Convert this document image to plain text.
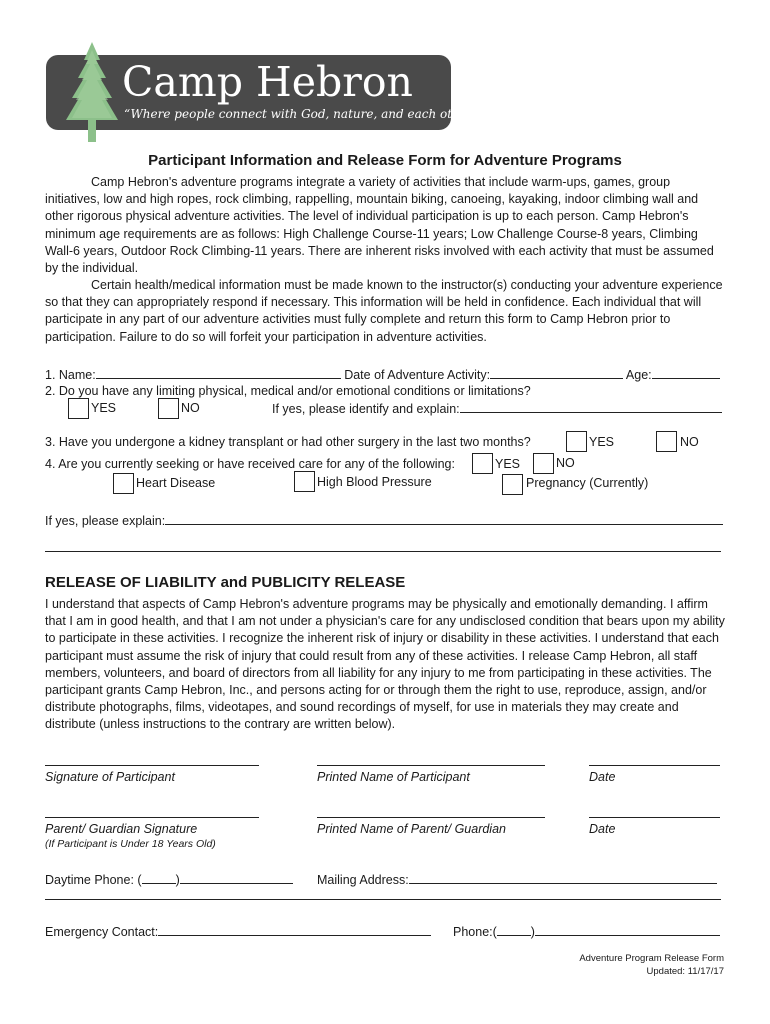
Camp Hebron
“Where people connect with God, nature, and each other”
Participant Information and Release Form for Adventure Programs
Camp Hebron's adventure programs integrate a variety of activities that include warm-ups, games, group initiatives, low and high ropes, rock climbing, rappelling, mountain biking, canoeing, kayaking, indoor climbing wall and other rigorous physical adventure activities. The level of individual participation is up to each person. Camp Hebron's minimum age requirements are as follows: High Challenge Course-11 years; Low Challenge Course-8 years, Climbing Wall-6 years, Outdoor Rock Climbing-11 years. There are inherent risks involved with each activity that must be assumed by the individual.
Certain health/medical information must be made known to the instructor(s) conducting your adventure experience so that they can appropriately respond if necessary. This information will be held in confidence. Each individual that will participate in any part of our adventure activities must fully complete and return this form to Camp Hebron prior to participation. Failure to do so will forfeit your participation in adventure activities.
1. Name:	Date of Adventure Activity:	Age:
2. Do you have any limiting physical, medical and/or emotional conditions or limitations?
YES	NO	If yes, please identify and explain:
3. Have you undergone a kidney transplant or had other surgery in the last two months?	YES	NO
4. Are you currently seeking or have received care for any of the following:	YES	NO
Heart Disease	High Blood Pressure	Pregnancy (Currently)
If yes, please explain:
RELEASE OF LIABILITY and PUBLICITY RELEASE
I understand that aspects of Camp Hebron's adventure programs may be physically and emotionally demanding. I affirm that I am in good health, and that I am not under a physician's care for any undisclosed condition that bears upon my ability to participate in these activities. I recognize the inherent risk of injury or disability in these activities. I understand that each participant must assume the risk of injury that could result from any of these activities. I release Camp Hebron, all staff members, volunteers, and board of directors from all liability for any injury to me from participating in these activities. The participant grants Camp Hebron, Inc., and persons acting for or through them the right to use, reproduce, assign, and/or distribute photographs, films, videotapes, and sound recordings of myself, for use in materials they may create and distribute (unless instructions to the contrary are written below).
Signature of Participant	Printed Name of Participant	Date
Parent/ Guardian Signature	Printed Name of Parent/ Guardian	Date
(If Participant is Under 18 Years Old)
Daytime Phone: (	)	Mailing Address:
Emergency Contact:	Phone:(	)
Adventure Program Release Form
Updated: 11/17/17
